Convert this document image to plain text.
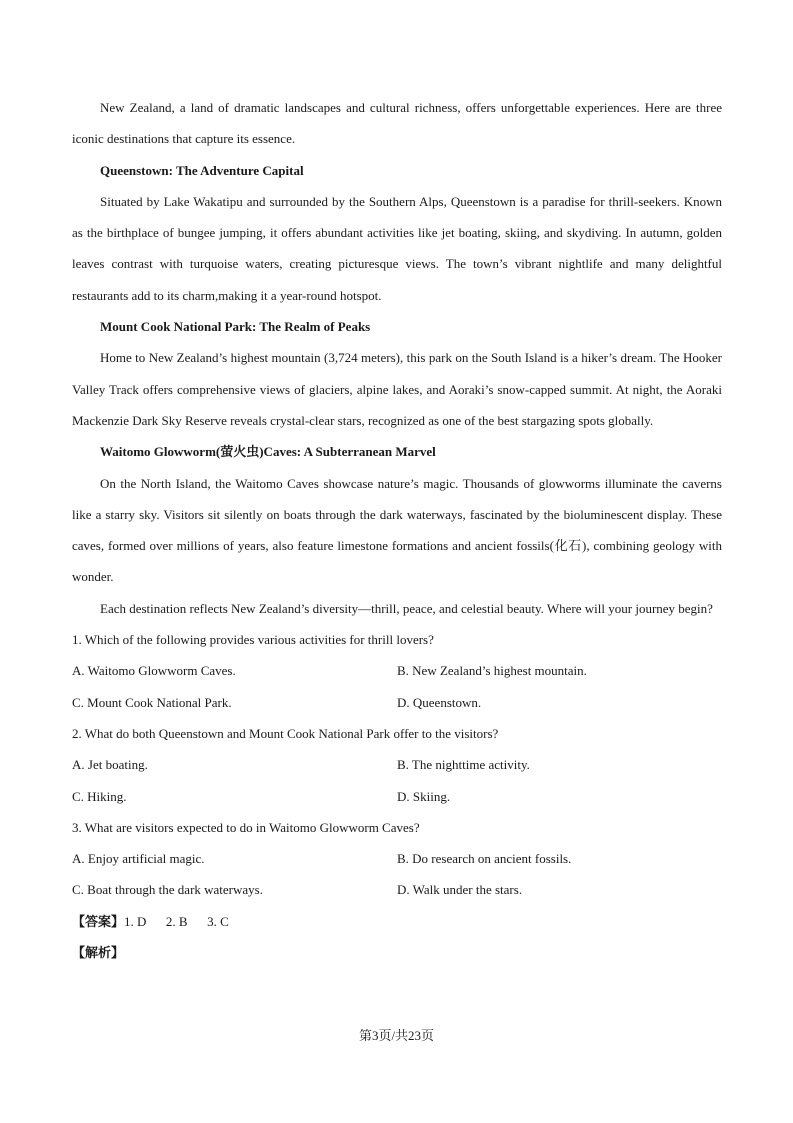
New Zealand, a land of dramatic landscapes and cultural richness, offers unforgettable experiences. Here are three iconic destinations that capture its essence.

Queenstown: The Adventure Capital

Situated by Lake Wakatipu and surrounded by the Southern Alps, Queenstown is a paradise for thrill-seekers. Known as the birthplace of bungee jumping, it offers abundant activities like jet boating, skiing, and skydiving. In autumn, golden leaves contrast with turquoise waters, creating picturesque views. The town’s vibrant nightlife and many delightful restaurants add to its charm,making it a year-round hotspot.

Mount Cook National Park: The Realm of Peaks

Home to New Zealand’s highest mountain (3,724 meters), this park on the South Island is a hiker’s dream. The Hooker Valley Track offers comprehensive views of glaciers, alpine lakes, and Aoraki’s snow-capped summit. At night, the Aoraki Mackenzie Dark Sky Reserve reveals crystal-clear stars, recognized as one of the best stargazing spots globally.

Waitomo Glowworm(萤火虫)Caves: A Subterranean Marvel

On the North Island, the Waitomo Caves showcase nature’s magic. Thousands of glowworms illuminate the caverns like a starry sky. Visitors sit silently on boats through the dark waterways, fascinated by the bioluminescent display. These caves, formed over millions of years, also feature limestone formations and ancient fossils(化石), combining geology with wonder.

Each destination reflects New Zealand’s diversity—thrill, peace, and celestial beauty. Where will your journey begin?

1. Which of the following provides various activities for thrill lovers?

A. Waitomo Glowworm Caves.	B. New Zealand’s highest mountain.
C. Mount Cook National Park.	D. Queenstown.

2. What do both Queenstown and Mount Cook National Park offer to the visitors?

A. Jet boating.	B. The nighttime activity.
C. Hiking.	D. Skiing.

3. What are visitors expected to do in Waitomo Glowworm Caves?

A. Enjoy artificial magic.	B. Do research on ancient fossils.
C. Boat through the dark waterways.	D. Walk under the stars.

【答案】1. D      2. B      3. C

【解析】

第3页/共23页
